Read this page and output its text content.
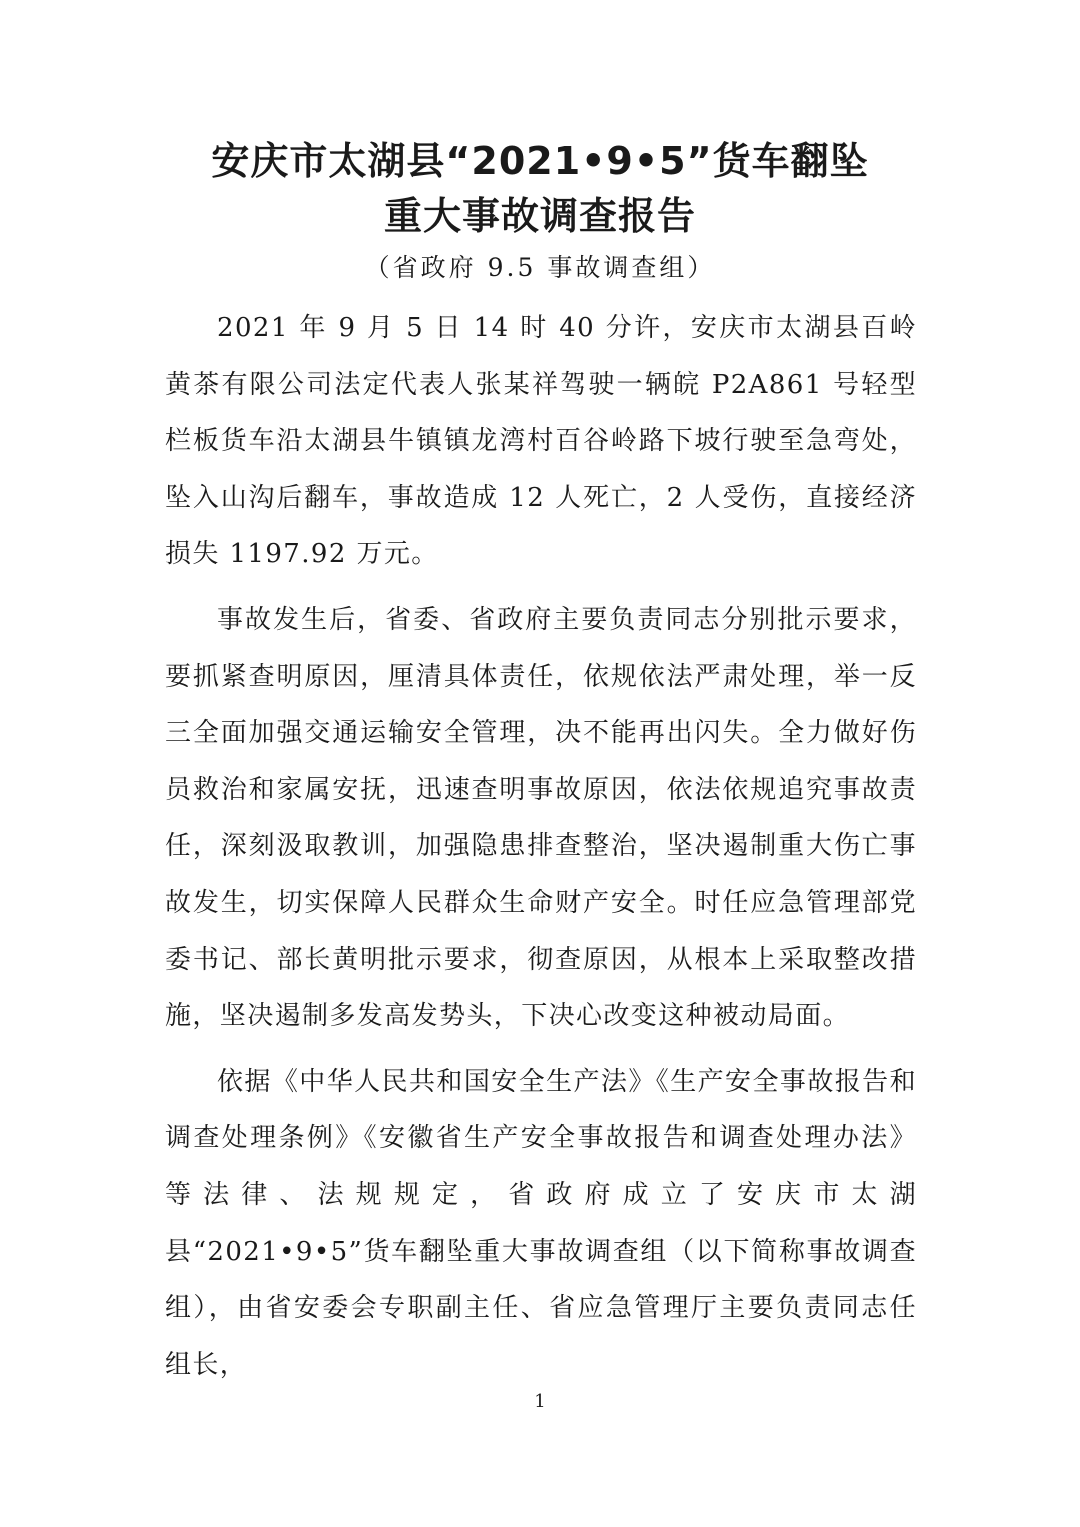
安庆市太湖县“2021•9•5”货车翻坠
重大事故调查报告
（省政府 9.5 事故调查组）

2021 年 9 月 5 日 14 时 40 分许，安庆市太湖县百岭黄茶有限公司法定代表人张某祥驾驶一辆皖 P2A861 号轻型栏板货车沿太湖县牛镇镇龙湾村百谷岭路下坡行驶至急弯处，坠入山沟后翻车，事故造成 12 人死亡，2 人受伤，直接经济损失 1197.92 万元。

事故发生后，省委、省政府主要负责同志分别批示要求，要抓紧查明原因，厘清具体责任，依规依法严肃处理，举一反三全面加强交通运输安全管理，决不能再出闪失。全力做好伤员救治和家属安抚，迅速查明事故原因，依法依规追究事故责任，深刻汲取教训，加强隐患排查整治，坚决遏制重大伤亡事故发生，切实保障人民群众生命财产安全。时任应急管理部党委书记、部长黄明批示要求，彻查原因，从根本上采取整改措施，坚决遏制多发高发势头，下决心改变这种被动局面。

依据《中华人民共和国安全生产法》《生产安全事故报告和调查处理条例》《安徽省生产安全事故报告和调查处理办法》等法律、法规规定，省政府成立了安庆市太湖县“2021•9•5”货车翻坠重大事故调查组（以下简称事故调查组），由省安委会专职副主任、省应急管理厅主要负责同志任组长，

1
